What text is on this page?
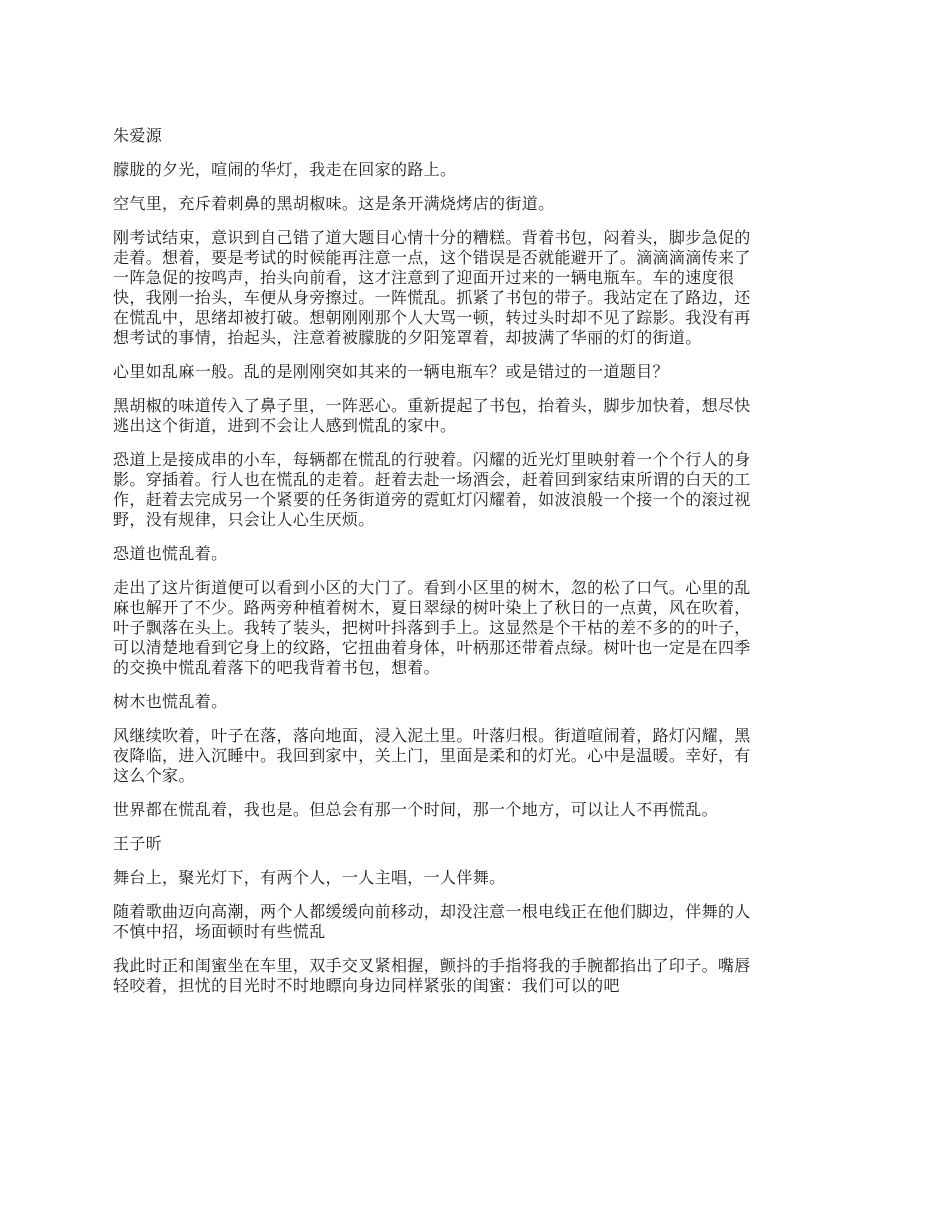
朱爱源

朦胧的夕光，喧闹的华灯，我走在回家的路上。

空气里，充斥着刺鼻的黑胡椒味。这是条开满烧烤店的街道。

刚考试结束，意识到自己错了道大题目心情十分的糟糕。背着书包，闷着头，脚步急促的
走着。想着，要是考试的时候能再注意一点，这个错误是否就能避开了。滴滴滴滴传来了
一阵急促的按鸣声，抬头向前看，这才注意到了迎面开过来的一辆电瓶车。车的速度很
快，我刚一抬头，车便从身旁擦过。一阵慌乱。抓紧了书包的带子。我站定在了路边，还
在慌乱中，思绪却被打破。想朝刚刚那个人大骂一顿，转过头时却不见了踪影。我没有再
想考试的事情，抬起头，注意着被朦胧的夕阳笼罩着，却披满了华丽的灯的街道。

心里如乱麻一般。乱的是刚刚突如其来的一辆电瓶车？或是错过的一道题目？

黑胡椒的味道传入了鼻子里，一阵恶心。重新提起了书包，抬着头，脚步加快着，想尽快
逃出这个街道，进到不会让人感到慌乱的家中。

恐道上是接成串的小车，每辆都在慌乱的行驶着。闪耀的近光灯里映射着一个个行人的身
影。穿插着。行人也在慌乱的走着。赶着去赴一场酒会，赶着回到家结束所谓的白天的工
作，赶着去完成另一个紧要的任务街道旁的霓虹灯闪耀着，如波浪般一个接一个的滚过视
野，没有规律，只会让人心生厌烦。

恐道也慌乱着。

走出了这片街道便可以看到小区的大门了。看到小区里的树木，忽的松了口气。心里的乱
麻也解开了不少。路两旁种植着树木，夏日翠绿的树叶染上了秋日的一点黄，风在吹着，
叶子飘落在头上。我转了装头，把树叶抖落到手上。这显然是个干枯的差不多的的叶子，
可以清楚地看到它身上的纹路，它扭曲着身体，叶柄那还带着点绿。树叶也一定是在四季
的交换中慌乱着落下的吧我背着书包，想着。

树木也慌乱着。

风继续吹着，叶子在落，落向地面，浸入泥土里。叶落归根。街道喧闹着，路灯闪耀，黑
夜降临，进入沉睡中。我回到家中，关上门，里面是柔和的灯光。心中是温暖。幸好，有
这么个家。

世界都在慌乱着，我也是。但总会有那一个时间，那一个地方，可以让人不再慌乱。

王子昕

舞台上，聚光灯下，有两个人，一人主唱，一人伴舞。

随着歌曲迈向高潮，两个人都缓缓向前移动，却没注意一根电线正在他们脚边，伴舞的人
不慎中招，场面顿时有些慌乱

我此时正和闺蜜坐在车里，双手交叉紧相握，颤抖的手指将我的手腕都掐出了印子。嘴唇
轻咬着，担忧的目光时不时地瞟向身边同样紧张的闺蜜：我们可以的吧
